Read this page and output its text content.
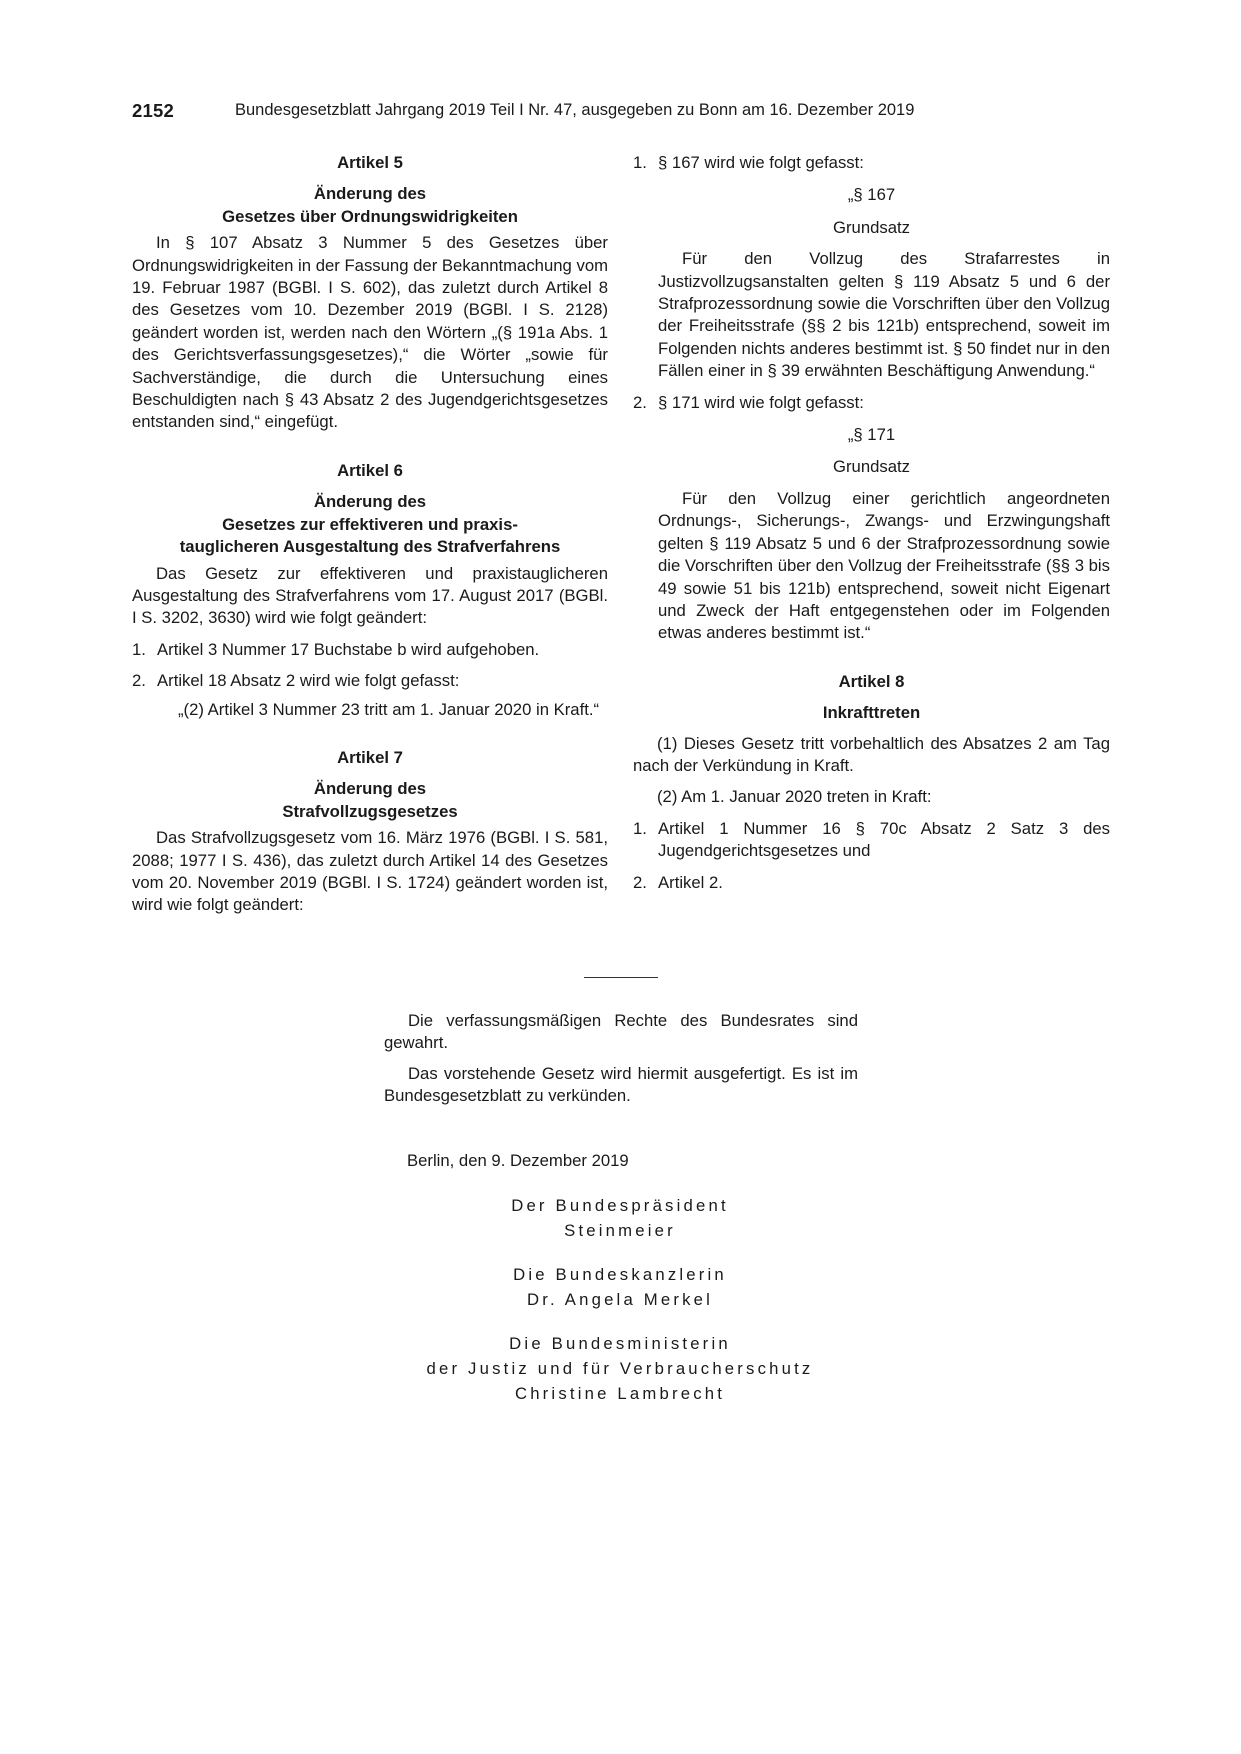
2152	Bundesgesetzblatt Jahrgang 2019 Teil I Nr. 47, ausgegeben zu Bonn am 16. Dezember 2019
Artikel 5
Änderung des
Gesetzes über Ordnungswidrigkeiten

In § 107 Absatz 3 Nummer 5 des Gesetzes über Ordnungswidrigkeiten in der Fassung der Bekanntmachung vom 19. Februar 1987 (BGBl. I S. 602), das zuletzt durch Artikel 8 des Gesetzes vom 10. Dezember 2019 (BGBl. I S. 2128) geändert worden ist, werden nach den Wörtern „(§ 191a Abs. 1 des Gerichtsverfassungsgesetzes),“ die Wörter „sowie für Sachverständige, die durch die Untersuchung eines Beschuldigten nach § 43 Absatz 2 des Jugendgerichtsgesetzes entstanden sind,“ eingefügt.

Artikel 6
Änderung des
Gesetzes zur effektiveren und praxis-
tauglicheren Ausgestaltung des Strafverfahrens

Das Gesetz zur effektiveren und praxistauglicheren Ausgestaltung des Strafverfahrens vom 17. August 2017 (BGBl. I S. 3202, 3630) wird wie folgt geändert:

1. Artikel 3 Nummer 17 Buchstabe b wird aufgehoben.
2. Artikel 18 Absatz 2 wird wie folgt gefasst:

„(2) Artikel 3 Nummer 23 tritt am 1. Januar 2020 in Kraft.“

Artikel 7
Änderung des
Strafvollzugsgesetzes

Das Strafvollzugsgesetz vom 16. März 1976 (BGBl. I S. 581, 2088; 1977 I S. 436), das zuletzt durch Artikel 14 des Gesetzes vom 20. November 2019 (BGBl. I S. 1724) geändert worden ist, wird wie folgt geändert:

1. § 167 wird wie folgt gefasst:
„§ 167
Grundsatz

Für den Vollzug des Strafarrestes in Justizvollzugsanstalten gelten § 119 Absatz 5 und 6 der Strafprozessordnung sowie die Vorschriften über den Vollzug der Freiheitsstrafe (§§ 2 bis 121b) entsprechend, soweit im Folgenden nichts anderes bestimmt ist. § 50 findet nur in den Fällen einer in § 39 erwähnten Beschäftigung Anwendung.“

2. § 171 wird wie folgt gefasst:
„§ 171
Grundsatz

Für den Vollzug einer gerichtlich angeordneten Ordnungs-, Sicherungs-, Zwangs- und Erzwingungshaft gelten § 119 Absatz 5 und 6 der Strafprozessordnung sowie die Vorschriften über den Vollzug der Freiheitsstrafe (§§ 3 bis 49 sowie 51 bis 121b) entsprechend, soweit nicht Eigenart und Zweck der Haft entgegenstehen oder im Folgenden etwas anderes bestimmt ist.“

Artikel 8
Inkrafttreten

(1) Dieses Gesetz tritt vorbehaltlich des Absatzes 2 am Tag nach der Verkündung in Kraft.

(2) Am 1. Januar 2020 treten in Kraft:

1. Artikel 1 Nummer 16 § 70c Absatz 2 Satz 3 des Jugendgerichtsgesetzes und
2. Artikel 2.

Die verfassungsmäßigen Rechte des Bundesrates sind gewahrt.

Das vorstehende Gesetz wird hiermit ausgefertigt. Es ist im Bundesgesetzblatt zu verkünden.

Berlin, den 9. Dezember 2019
Der Bundespräsident
Steinmeier
Die Bundeskanzlerin
Dr. Angela Merkel
Die Bundesministerin
der Justiz und für Verbraucherschutz
Christine Lambrecht
